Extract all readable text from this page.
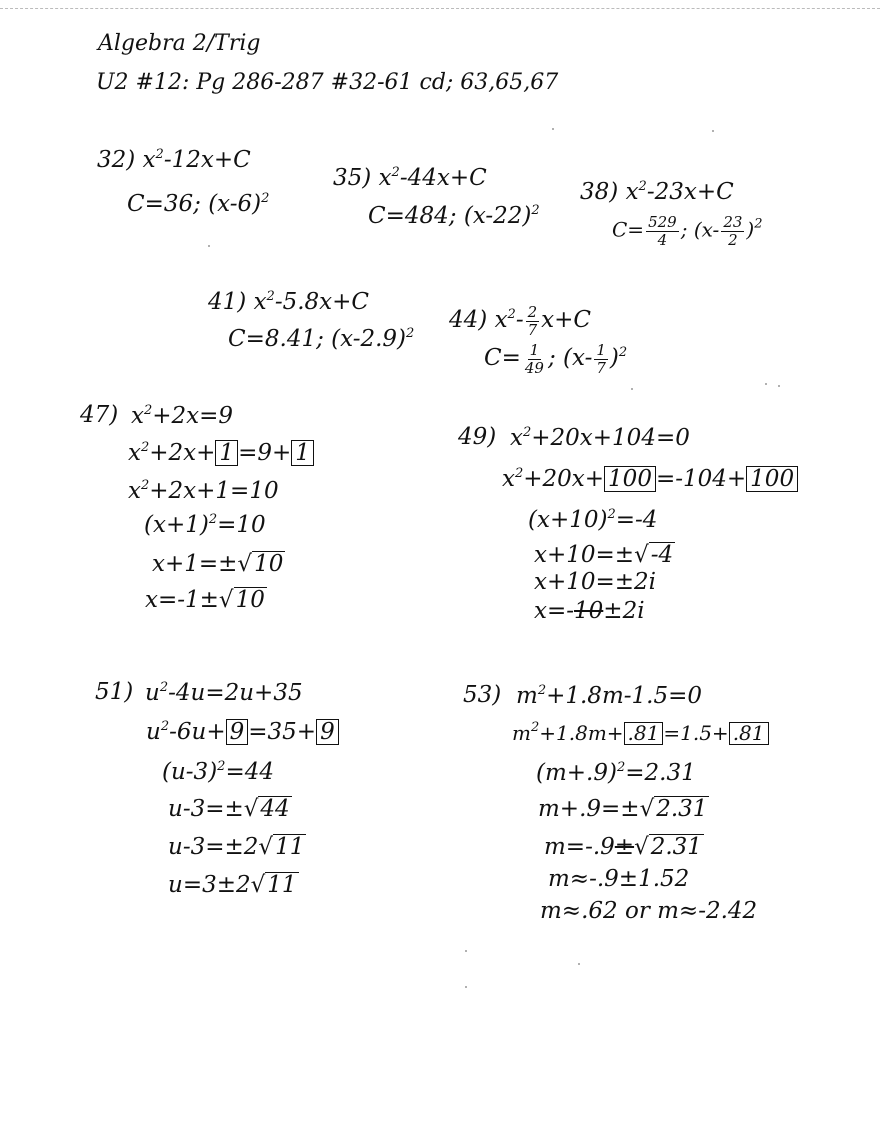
Algebra 2/Trig
U2 #12: Pg 286-287 #32-61 cd; 63,65,67
32) $x^2-12x+C$
C=36; $(x-6)^2$
35) $x^2-44x+C$
C=484; $(x-22)^2$
38) $x^2-23x+C$
$C= \frac{529}{4}$ ; $(x- \frac{23}{2} )^2$
41) $x^2-5.8x+C$
C=8.41; $(x-2.9)^2$
44) $x^2- \frac{2}{7} x+C$
$C= \frac{1}{49}$ ; $(x- \frac{1}{7} )^2$
47) $x^2+2x=9$
$x^2+2x+ 1 =9+ 1$
$x^2+2x+1=10$
$(x+1)^2=10$
x+1=±√10
x=-1±√10
49) $x^2+20x+104=0$
$x^2+20x+ 100 =-104+ 100$
$(x+10)^2=-4$
x+10=±√-4
x+10=±2i
x=-10±2i
51) $u^2-4u=2u+35$
$u^2-6u+ 9 =35+ 9$
$(u-3)^2=44$
u-3=±√44
u-3=±2√11
u=3±2√11
53) $m^2+1.8m-1.5=0$
$m^2+1.8m+ .81 =1.5+ .81$
$(m+.9)^2=2.31$
m+.9=±√2.31
m=-.9±√2.31
m≈-.9±1.52
m≈.62 or m≈-2.42
